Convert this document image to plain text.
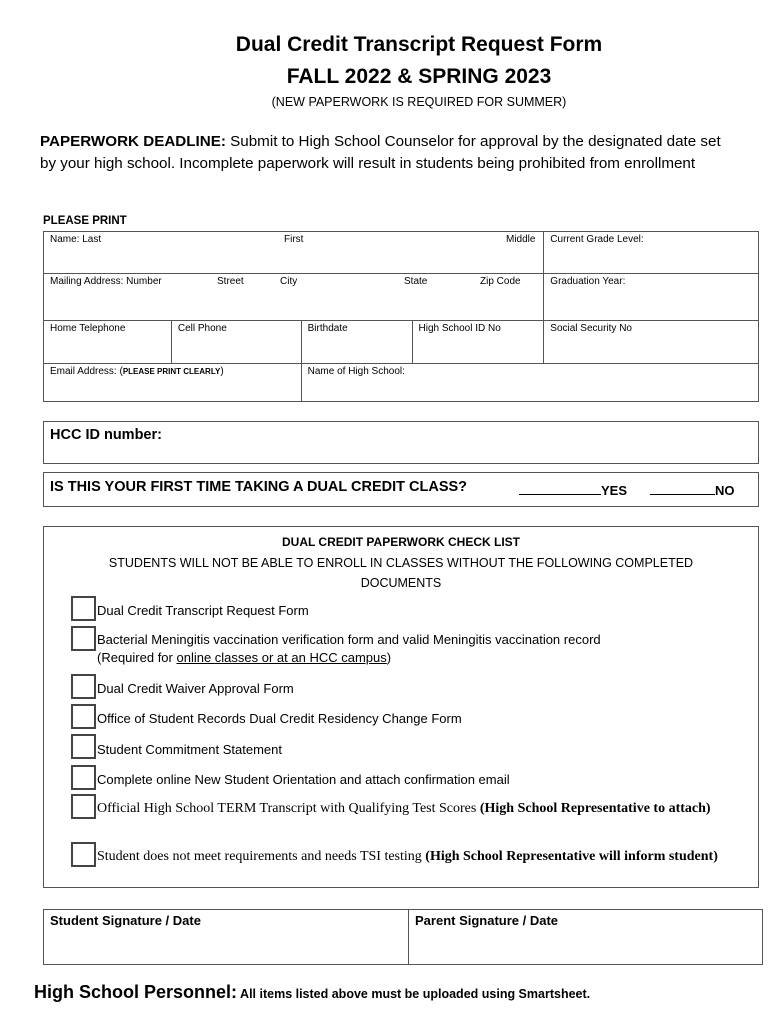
Dual Credit Transcript Request Form
FALL 2022 & SPRING 2023
(NEW PAPERWORK IS REQUIRED FOR SUMMER)
PAPERWORK DEADLINE: Submit to High School Counselor for approval by the designated date set by your high school. Incomplete paperwork will result in students being prohibited from enrollment
PLEASE PRINT
Name: Last First Middle				Current Grade Level:
Mailing Address: Number Street City State Zip Code				Graduation Year:
Home Telephone	Cell Phone	Birthdate	High School ID No	Social Security No
Email Address: (PLEASE PRINT CLEARLY)		Name of High School:		
HCC ID number:
IS THIS YOUR FIRST TIME TAKING A DUAL CREDIT CLASS?	YES	NO
DUAL CREDIT PAPERWORK CHECK LIST
STUDENTS WILL NOT BE ABLE TO ENROLL IN CLASSES WITHOUT THE FOLLOWING COMPLETED DOCUMENTS
Dual Credit Transcript Request Form
Bacterial Meningitis vaccination verification form and valid Meningitis vaccination record
(Required for online classes or at an HCC campus)
Dual Credit Waiver Approval Form
Office of Student Records Dual Credit Residency Change Form
Student Commitment Statement
Complete online New Student Orientation and attach confirmation email
Official High School TERM Transcript with Qualifying Test Scores (High School Representative to attach)
Student does not meet requirements and needs TSI testing (High School Representative will inform student)
Student Signature / Date	Parent Signature / Date
High School Personnel: All items listed above must be uploaded using Smartsheet.
